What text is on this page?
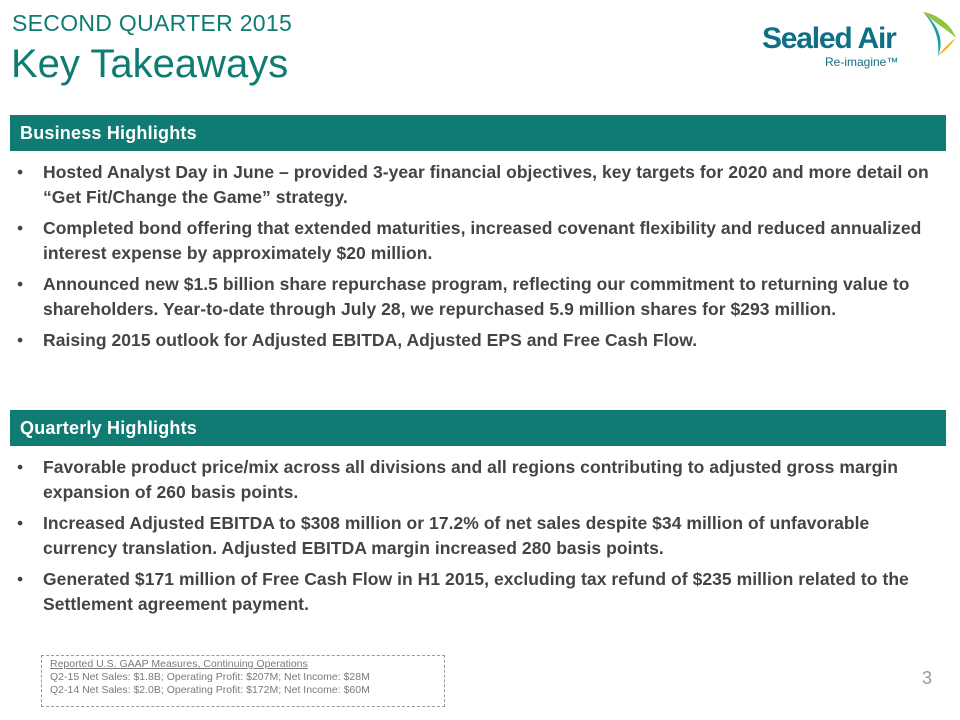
SECOND QUARTER 2015
Key Takeaways
Sealed Air
Re-imagine™
Business Highlights
• Hosted Analyst Day in June – provided 3-year financial objectives, key targets for 2020 and more detail on “Get Fit/Change the Game” strategy.
• Completed bond offering that extended maturities, increased covenant flexibility and reduced annualized interest expense by approximately $20 million.
• Announced new $1.5 billion share repurchase program, reflecting our commitment to returning value to shareholders. Year-to-date through July 28, we repurchased 5.9 million shares for $293 million.
• Raising 2015 outlook for Adjusted EBITDA, Adjusted EPS and Free Cash Flow.
Quarterly Highlights
• Favorable product price/mix across all divisions and all regions contributing to adjusted gross margin expansion of 260 basis points.
• Increased Adjusted EBITDA to $308 million or 17.2% of net sales despite $34 million of unfavorable currency translation. Adjusted EBITDA margin increased 280 basis points.
• Generated $171 million of Free Cash Flow in H1 2015, excluding tax refund of $235 million related to the Settlement agreement payment.
Reported U.S. GAAP Measures, Continuing Operations
Q2-15 Net Sales: $1.8B; Operating Profit: $207M; Net Income: $28M
Q2-14 Net Sales: $2.0B; Operating Profit: $172M; Net Income: $60M
3
